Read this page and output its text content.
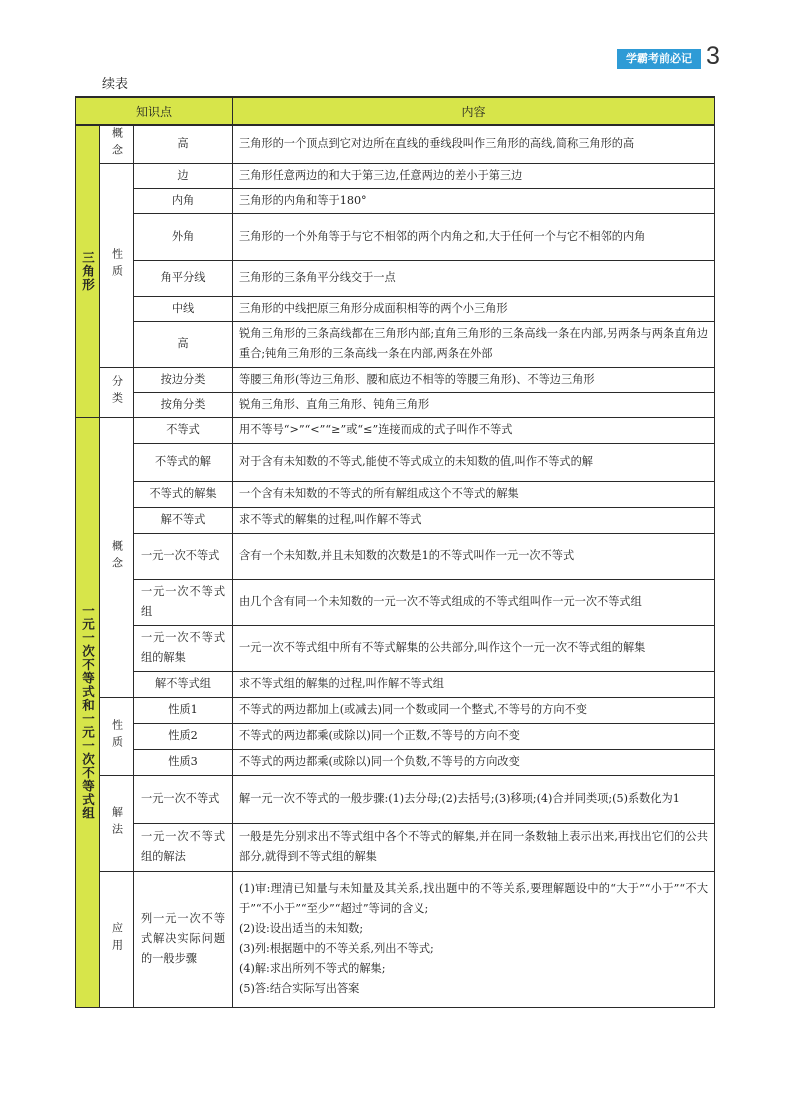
学霸考前必记 3
续表
知识点			内容

三角形	概念	高	三角形的一个顶点到它对边所在直线的垂线段叫作三角形的高线,简称三角形的高

	性质	边	三角形任意两边的和大于第三边,任意两边的差小于第三边
		内角	三角形的内角和等于180°
		外角	三角形的一个外角等于与它不相邻的两个内角之和,大于任何一个与它不相邻的内角
		角平分线	三角形的三条角平分线交于一点
		中线	三角形的中线把原三角形分成面积相等的两个小三角形
		高	锐角三角形的三条高线都在三角形内部;直角三角形的三条高线一条在内部,另两条与两条直角边重合;钝角三角形的三条高线一条在内部,两条在外部

	分类	按边分类	等腰三角形(等边三角形、腰和底边不相等的等腰三角形)、不等边三角形
		按角分类	锐角三角形、直角三角形、钝角三角形

一元一次不等式和一元一次不等式组	概念	不等式	用不等号“>”“<”“≥”或“≤”连接而成的式子叫作不等式
		不等式的解	对于含有未知数的不等式,能使不等式成立的未知数的值,叫作不等式的解
		不等式的解集	一个含有未知数的不等式的所有解组成这个不等式的解集
		解不等式	求不等式的解集的过程,叫作解不等式
		一元一次不等式	含有一个未知数,并且未知数的次数是1的不等式叫作一元一次不等式
		一元一次不等式组	由几个含有同一个未知数的一元一次不等式组成的不等式组叫作一元一次不等式组
		一元一次不等式组的解集	一元一次不等式组中所有不等式解集的公共部分,叫作这个一元一次不等式组的解集
		解不等式组	求不等式组的解集的过程,叫作解不等式组

	性质	性质1	不等式的两边都加上(或减去)同一个数或同一个整式,不等号的方向不变
		性质2	不等式的两边都乘(或除以)同一个正数,不等号的方向不变
		性质3	不等式的两边都乘(或除以)同一个负数,不等号的方向改变

	解法	一元一次不等式	解一元一次不等式的一般步骤:(1)去分母;(2)去括号;(3)移项;(4)合并同类项;(5)系数化为1
		一元一次不等式组的解法	一般是先分别求出不等式组中各个不等式的解集,并在同一条数轴上表示出来,再找出它们的公共部分,就得到不等式组的解集

	应用	列一元一次不等式解决实际问题的一般步骤	(1)审:理清已知量与未知量及其关系,找出题中的不等关系,要理解题设中的“大于”“小于”“不大于”“不小于”“至少”“超过”等词的含义;
(2)设:设出适当的未知数;
(3)列:根据题中的不等关系,列出不等式;
(4)解:求出所列不等式的解集;
(5)答:结合实际写出答案
